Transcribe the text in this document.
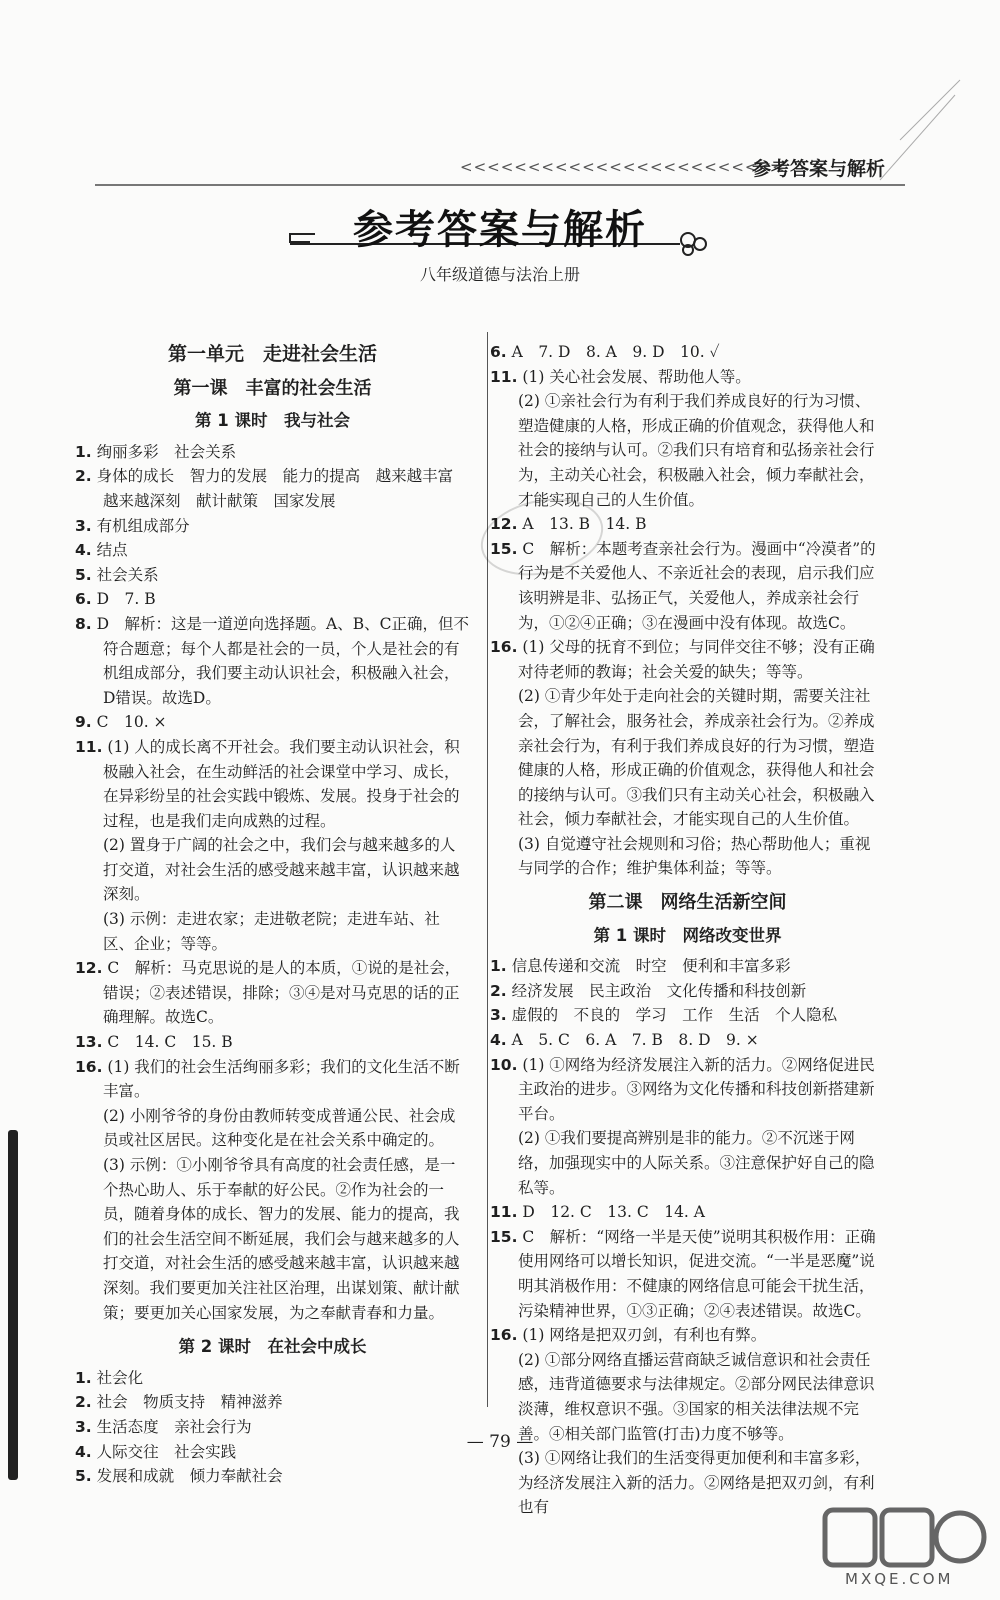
<<<<<<<<<<<<<<<<<<<<<<<<
参考答案与解析
参考答案与解析
八年级道德与法治上册
第一单元　走进社会生活
第一课　丰富的社会生活
第 1 课时　我与社会
1. 绚丽多彩　社会关系
2. 身体的成长　智力的发展　能力的提高　越来越丰富　越来越深刻　献计献策　国家发展
3. 有机组成部分
4. 结点
5. 社会关系
6. D　7. B
8. D　解析：这是一道逆向选择题。A、B、C正确，但不符合题意；每个人都是社会的一员，个人是社会的有机组成部分，我们要主动认识社会，积极融入社会，D错误。故选D。
9. C　10. ×
11. (1) 人的成长离不开社会。我们要主动认识社会，积极融入社会，在生动鲜活的社会课堂中学习、成长，在异彩纷呈的社会实践中锻炼、发展。投身于社会的过程，也是我们走向成熟的过程。
(2) 置身于广阔的社会之中，我们会与越来越多的人打交道，对社会生活的感受越来越丰富，认识越来越深刻。
(3) 示例：走进农家；走进敬老院；走进车站、社区、企业；等等。
12. C　解析：马克思说的是人的本质，①说的是社会，错误；②表述错误，排除；③④是对马克思的话的正确理解。故选C。
13. C　14. C　15. B
16. (1) 我们的社会生活绚丽多彩；我们的文化生活不断丰富。
(2) 小刚爷爷的身份由教师转变成普通公民、社会成员或社区居民。这种变化是在社会关系中确定的。
(3) 示例：①小刚爷爷具有高度的社会责任感，是一个热心助人、乐于奉献的好公民。②作为社会的一员，随着身体的成长、智力的发展、能力的提高，我们的社会生活空间不断延展，我们会与越来越多的人打交道，对社会生活的感受越来越丰富，认识越来越深刻。我们要更加关注社区治理，出谋划策、献计献策；要更加关心国家发展，为之奉献青春和力量。
第 2 课时　在社会中成长
1. 社会化
2. 社会　物质支持　精神滋养
3. 生活态度　亲社会行为
4. 人际交往　社会实践
5. 发展和成就　倾力奉献社会
6. A　7. D　8. A　9. D　10. ✓
11. (1) 关心社会发展、帮助他人等。
(2) ①亲社会行为有利于我们养成良好的行为习惯、塑造健康的人格，形成正确的价值观念，获得他人和社会的接纳与认可。②我们只有培育和弘扬亲社会行为，主动关心社会，积极融入社会，倾力奉献社会，才能实现自己的人生价值。
12. A　13. B　14. B
15. C　解析：本题考查亲社会行为。漫画中“冷漠者”的行为是不关爱他人、不亲近社会的表现，启示我们应该明辨是非、弘扬正气，关爱他人，养成亲社会行为，①②④正确；③在漫画中没有体现。故选C。
16. (1) 父母的抚育不到位；与同伴交往不够；没有正确对待老师的教诲；社会关爱的缺失；等等。
(2) ①青少年处于走向社会的关键时期，需要关注社会，了解社会，服务社会，养成亲社会行为。②养成亲社会行为，有利于我们养成良好的行为习惯，塑造健康的人格，形成正确的价值观念，获得他人和社会的接纳与认可。③我们只有主动关心社会，积极融入社会，倾力奉献社会，才能实现自己的人生价值。
(3) 自觉遵守社会规则和习俗；热心帮助他人；重视与同学的合作；维护集体利益；等等。
第二课　网络生活新空间
第 1 课时　网络改变世界
1. 信息传递和交流　时空　便利和丰富多彩
2. 经济发展　民主政治　文化传播和科技创新
3. 虚假的　不良的　学习　工作　生活　个人隐私
4. A　5. C　6. A　7. B　8. D　9. ×
10. (1) ①网络为经济发展注入新的活力。②网络促进民主政治的进步。③网络为文化传播和科技创新搭建新平台。
(2) ①我们要提高辨别是非的能力。②不沉迷于网络，加强现实中的人际关系。③注意保护好自己的隐私等。
11. D　12. C　13. C　14. A
15. C　解析：“网络一半是天使”说明其积极作用：正确使用网络可以增长知识，促进交流。“一半是恶魔”说明其消极作用：不健康的网络信息可能会干扰生活，污染精神世界，①③正确；②④表述错误。故选C。
16. (1) 网络是把双刃剑，有利也有弊。
(2) ①部分网络直播运营商缺乏诚信意识和社会责任感，违背道德要求与法律规定。②部分网民法律意识淡薄，维权意识不强。③国家的相关法律法规不完善。④相关部门监管(打击)力度不够等。
(3) ①网络让我们的生活变得更加便利和丰富多彩，为经济发展注入新的活力。②网络是把双刃剑，有利也有
— 79 —
MXQE.COM
